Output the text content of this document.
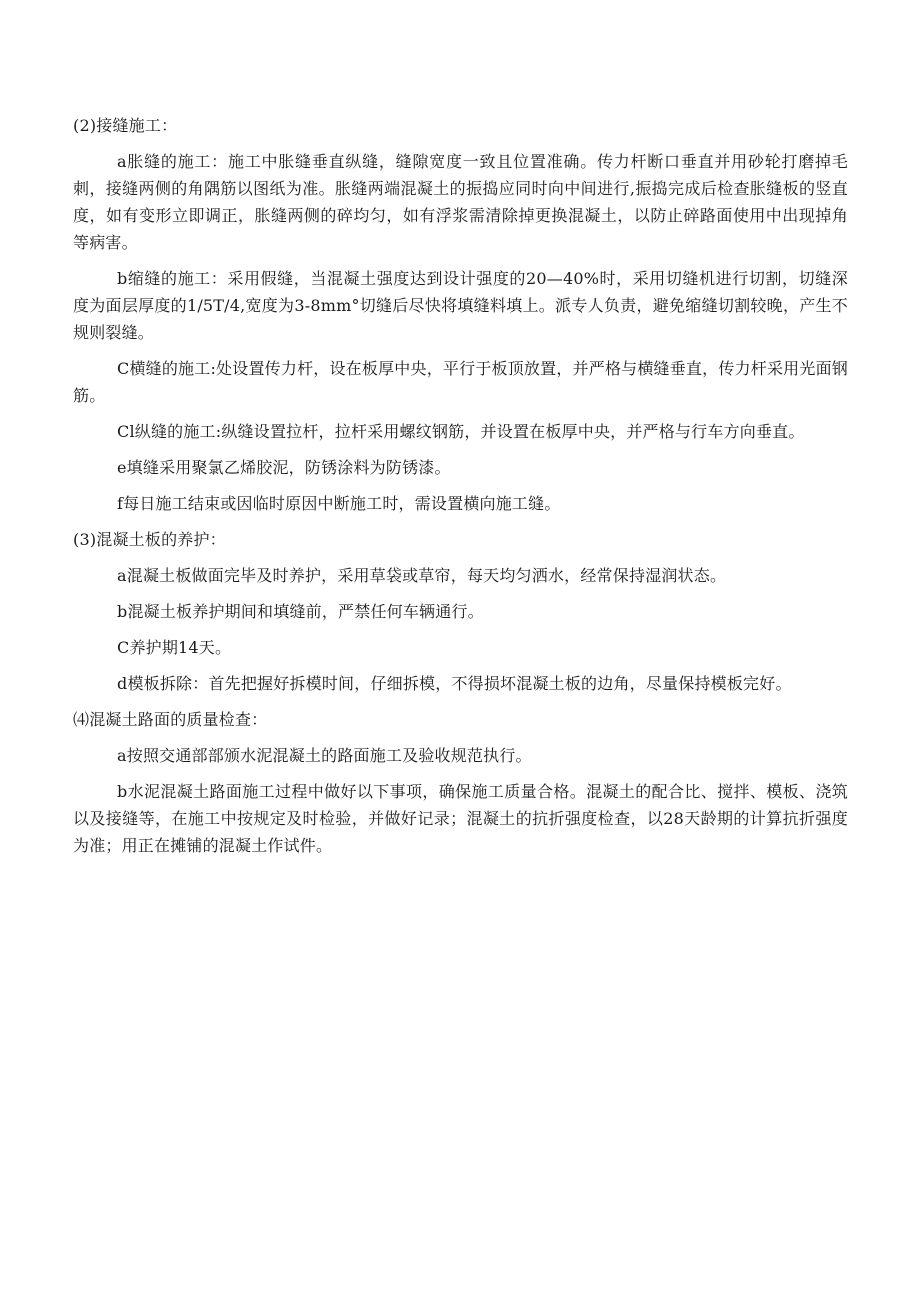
(2)接缝施工：

a胀缝的施工：施工中胀缝垂直纵缝，缝隙宽度一致且位置准确。传力杆断口垂直并用砂轮打磨掉毛刺，接缝两侧的角隅筋以图纸为准。胀缝两端混凝土的振捣应同时向中间进行,振捣完成后检查胀缝板的竖直度，如有变形立即调正，胀缝两侧的碎均匀，如有浮浆需清除掉更换混凝土，以防止碎路面使用中出现掉角等病害。

b缩缝的施工：采用假缝，当混凝土强度达到设计强度的20—40%时，采用切缝机进行切割，切缝深度为面层厚度的1/5T/4,宽度为3-8mm°切缝后尽快将填缝料填上。派专人负责，避免缩缝切割较晚，产生不规则裂缝。

C横缝的施工:处设置传力杆，设在板厚中央，平行于板顶放置，并严格与横缝垂直，传力杆采用光面钢筋。

Cl纵缝的施工:纵缝设置拉杆，拉杆采用螺纹钢筋，并设置在板厚中央，并严格与行车方向垂直。

e填缝采用聚氯乙烯胶泥，防锈涂料为防锈漆。

f每日施工结束或因临时原因中断施工时，需设置横向施工缝。

(3)混凝土板的养护：

a混凝土板做面完毕及时养护，采用草袋或草帘，每天均匀洒水，经常保持湿润状态。

b混凝土板养护期间和填缝前，严禁任何车辆通行。

C养护期14天。

d模板拆除：首先把握好拆模时间，仔细拆模，不得损坏混凝土板的边角，尽量保持模板完好。

⑷混凝土路面的质量检查：

a按照交通部部颁水泥混凝土的路面施工及验收规范执行。

b水泥混凝土路面施工过程中做好以下事项，确保施工质量合格。混凝土的配合比、搅拌、模板、浇筑以及接缝等，在施工中按规定及时检验，并做好记录；混凝土的抗折强度检查，以28天龄期的计算抗折强度为准；用正在摊铺的混凝土作试件。
